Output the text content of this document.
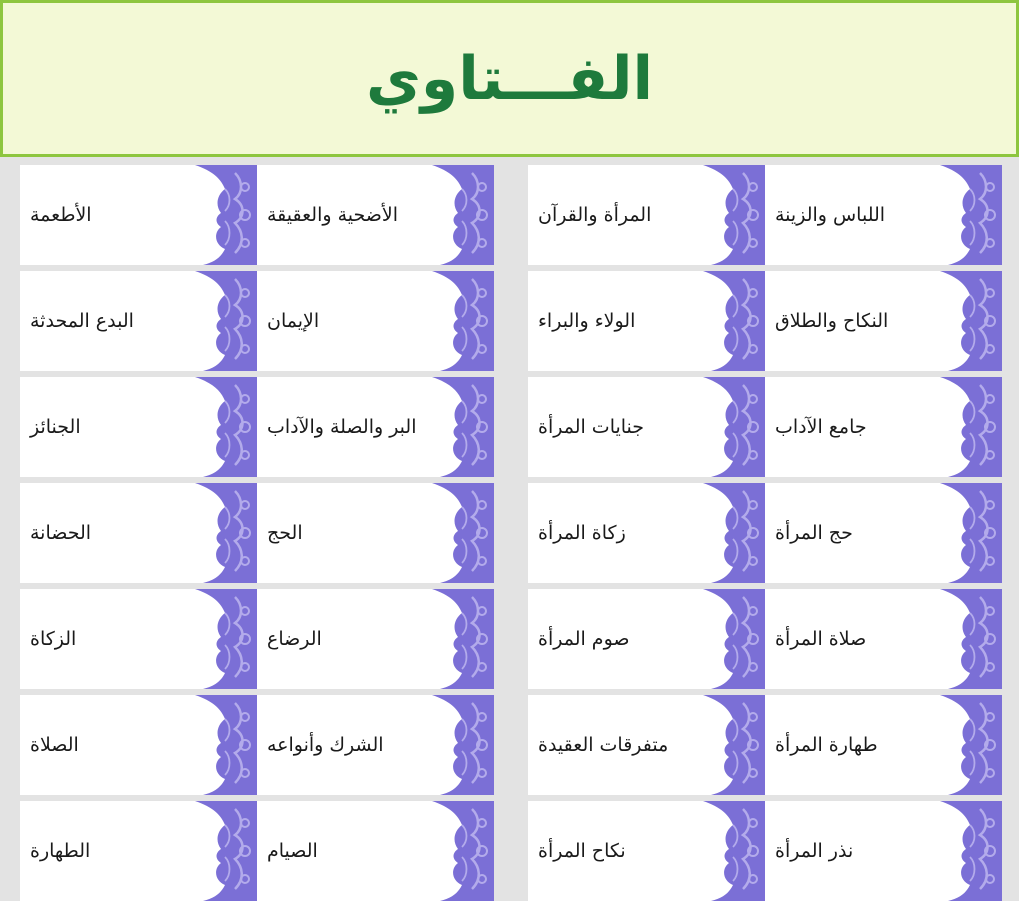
الفـــتاوي
الأضحية والعقيقة
الأطعمة
الإيمان
البدع المحدثة
البر والصلة والآداب
الجنائز
الحج
الحضانة
الرضاع
الزكاة
الشرك وأنواعه
الصلاة
الصيام
الطهارة
اللباس والزينة
المرأة والقرآن
النكاح والطلاق
الولاء والبراء
جامع الآداب
جنايات المرأة
حج المرأة
زكاة المرأة
صلاة المرأة
صوم المرأة
طهارة المرأة
متفرقات العقيدة
نذر المرأة
نكاح المرأة
